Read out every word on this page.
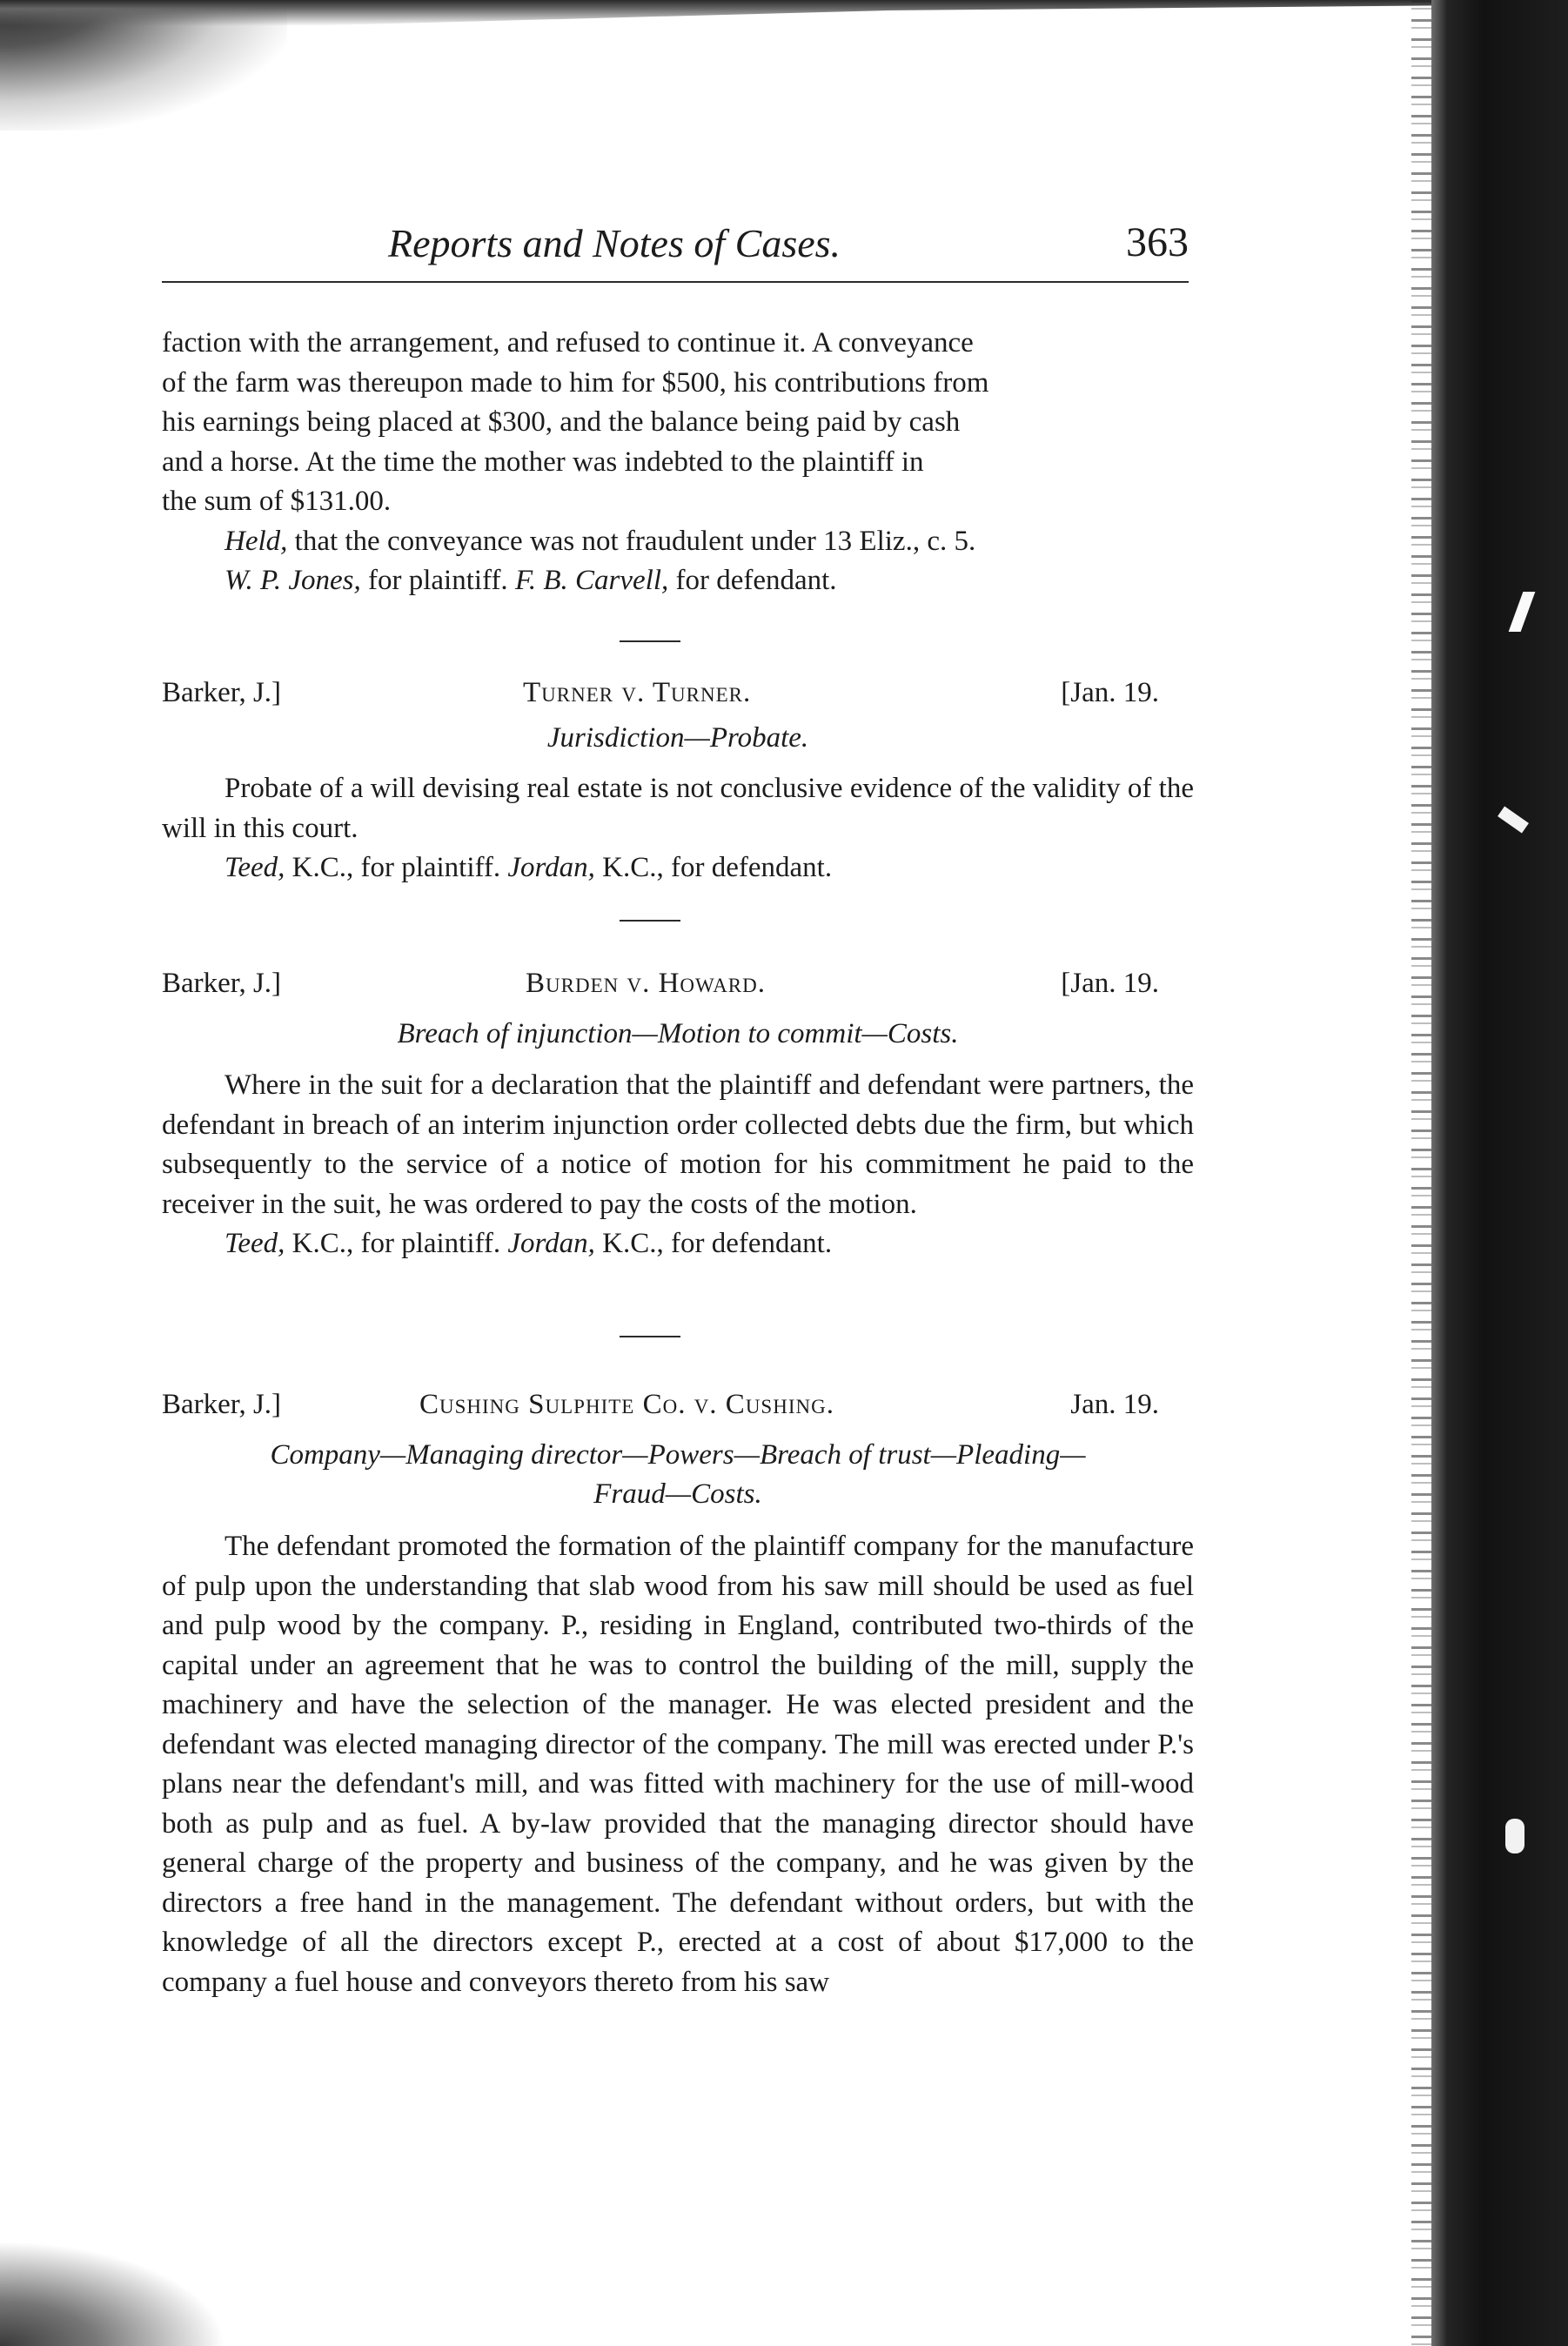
Reports and Notes of Cases.	363

faction with the arrangement, and refused to continue it. A conveyance

of the farm was thereupon made to him for $500, his contributions from

his earnings being placed at $300, and the balance being paid by cash

and a horse. At the time the mother was indebted to the plaintiff in

the sum of $131.00.

Held, that the conveyance was not fraudulent under 13 Eliz., c. 5.

W. P. Jones, for plaintiff. F. B. Carvell, for defendant.

Barker, J.]	Turner v. Turner.	[Jan. 19.
Jurisdiction—Probate.

Probate of a will devising real estate is not conclusive evidence of the validity of the will in this court.

Teed, K.C., for plaintiff. Jordan, K.C., for defendant.

Barker, J.]	Burden v. Howard.	[Jan. 19.
Breach of injunction—Motion to commit—Costs.

Where in the suit for a declaration that the plaintiff and defendant were partners, the defendant in breach of an interim injunction order collected debts due the firm, but which subsequently to the service of a notice of motion for his commitment he paid to the receiver in the suit, he was ordered to pay the costs of the motion.

Teed, K.C., for plaintiff. Jordan, K.C., for defendant.

Barker, J.]	Cushing Sulphite Co. v. Cushing.	Jan. 19.
Company—Managing director—Powers—Breach of trust—Pleading—
Fraud—Costs.

The defendant promoted the formation of the plaintiff company for the manufacture of pulp upon the understanding that slab wood from his saw mill should be used as fuel and pulp wood by the company. P., residing in England, contributed two-thirds of the capital under an agreement that he was to control the building of the mill, supply the machinery and have the selection of the manager. He was elected president and the defendant was elected managing director of the company. The mill was erected under P.'s plans near the defendant's mill, and was fitted with machinery for the use of mill-wood both as pulp and as fuel. A by-law provided that the managing director should have general charge of the property and business of the company, and he was given by the directors a free hand in the management. The defendant without orders, but with the knowledge of all the directors except P., erected at a cost of about $17,000 to the company a fuel house and conveyors thereto from his saw
